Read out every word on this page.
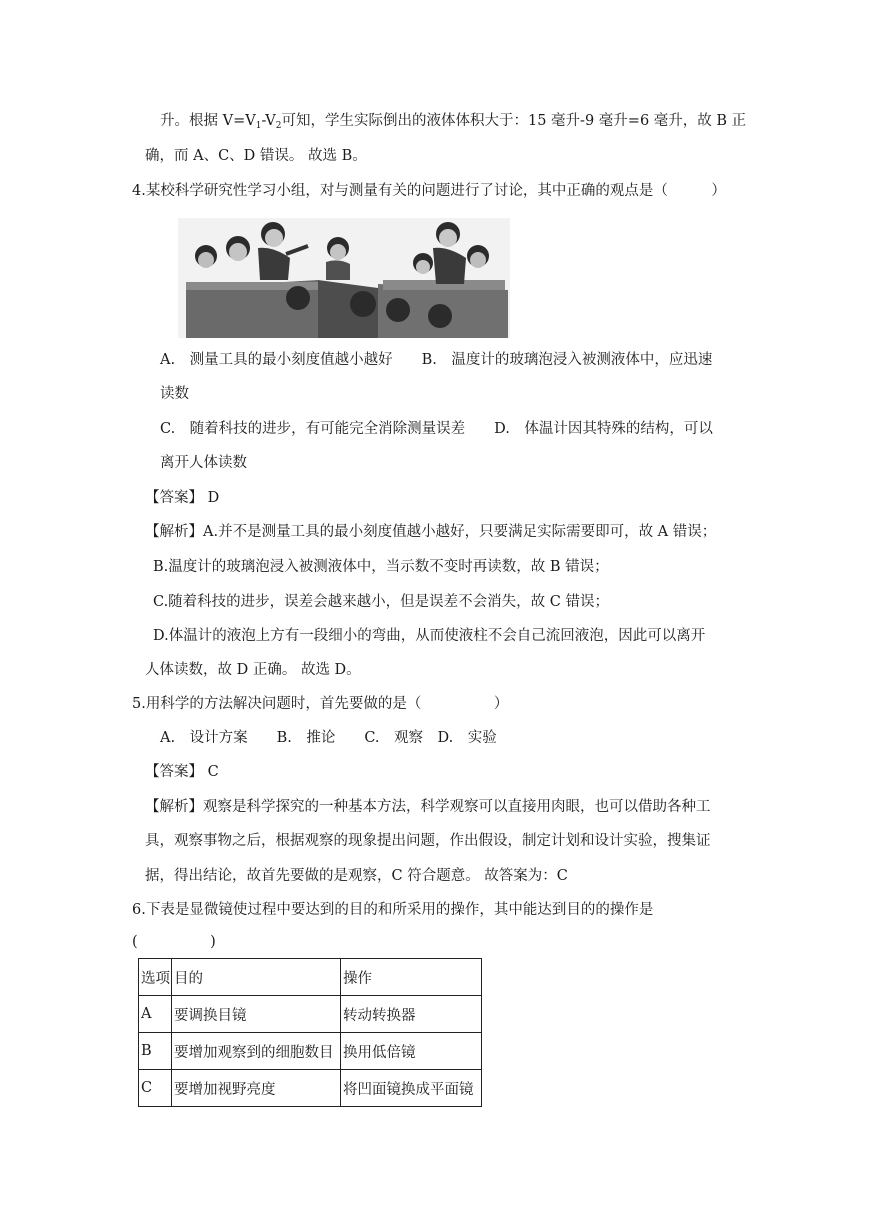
升。根据 $V=V_1-V_2$可知，学生实际倒出的液体体积大于：15 毫升-9 毫升=6 毫升，故 B 正
确，而 A、C、D 错误。 故选 B。
4.某校科学研究性学习小组，对与测量有关的问题进行了讨论，其中正确的观点是（　　　）
A.　测量工具的最小刻度值越小越好　　B.　温度计的玻璃泡浸入被测液体中，应迅速
读数
C.　随着科技的进步，有可能完全消除测量误差　　D.　体温计因其特殊的结构，可以
离开人体读数
【答案】 D
【解析】A.并不是测量工具的最小刻度值越小越好，只要满足实际需要即可，故 A 错误；
B.温度计的玻璃泡浸入被测液体中，当示数不变时再读数，故 B 错误；
C.随着科技的进步，误差会越来越小，但是误差不会消失，故 C 错误；
D.体温计的液泡上方有一段细小的弯曲，从而使液柱不会自己流回液泡，因此可以离开
人体读数，故 D 正确。 故选 D。
5.用科学的方法解决问题时，首先要做的是（　　　　　）
A.　设计方案　　B.　推论　　C.　观察　D.　实验
【答案】 C
【解析】观察是科学探究的一种基本方法，科学观察可以直接用肉眼，也可以借助各种工
具，观察事物之后，根据观察的现象提出问题，作出假设，制定计划和设计实验，搜集证
据，得出结论，故首先要做的是观察，C 符合题意。 故答案为：C
6.下表是显微镜使过程中要达到的目的和所采用的操作，其中能达到目的的操作是
(　　　　　)
选项	目的	操作
A	要调换目镜	转动转换器
B	要增加观察到的细胞数目	换用低倍镜
C	要增加视野亮度	将凹面镜换成平面镜
